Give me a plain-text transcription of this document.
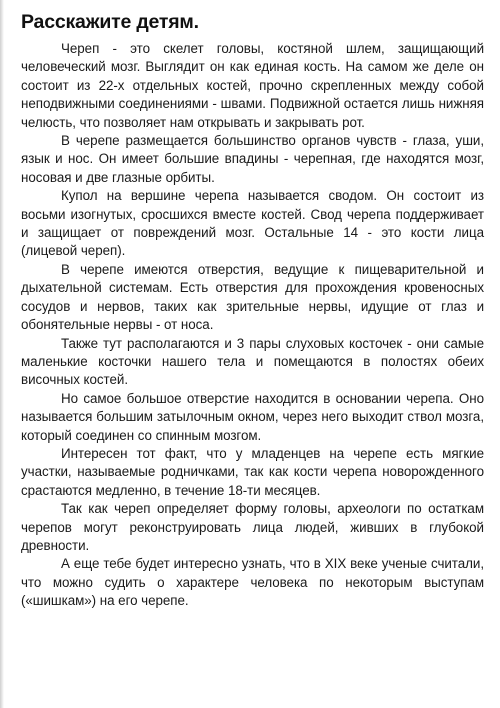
Расскажите детям.

Череп - это скелет головы, костяной шлем, защищающий человеческий мозг. Выглядит он как единая кость. На самом же деле он состоит из 22-х отдельных костей, прочно скрепленных между собой неподвижными соединениями - швами. Подвижной остается лишь нижняя челюсть, что позволяет нам открывать и закрывать рот.

В черепе размещается большинство органов чувств - глаза, уши, язык и нос. Он имеет большие впадины - черепная, где находятся мозг, носовая и две глазные орбиты.

Купол на вершине черепа называется сводом. Он состоит из восьми изогнутых, сросшихся вместе костей. Свод черепа поддерживает и защищает от повреждений мозг. Остальные 14 - это кости лица (лицевой череп).

В черепе имеются отверстия, ведущие к пищеварительной и дыхательной системам. Есть отверстия для прохождения кровеносных сосудов и нервов, таких как зрительные нервы, идущие от глаз и обонятельные нервы - от носа.

Также тут располагаются и 3 пары слуховых косточек - они самые маленькие косточки нашего тела и помещаются в полостях обеих височных костей.

Но самое большое отверстие находится в основании черепа. Оно называется большим затылочным окном, через него выходит ствол мозга, который соединен со спинным мозгом.

Интересен тот факт, что у младенцев на черепе есть мягкие участки, называемые родничками, так как кости черепа новорожденного срастаются медленно, в течение 18-ти месяцев.

Так как череп определяет форму головы, археологи по остаткам черепов могут реконструировать лица людей, живших в глубокой древности.

А еще тебе будет интересно узнать, что в XIX веке ученые считали, что можно судить о характере человека по некоторым выступам («шишкам») на его черепе.
